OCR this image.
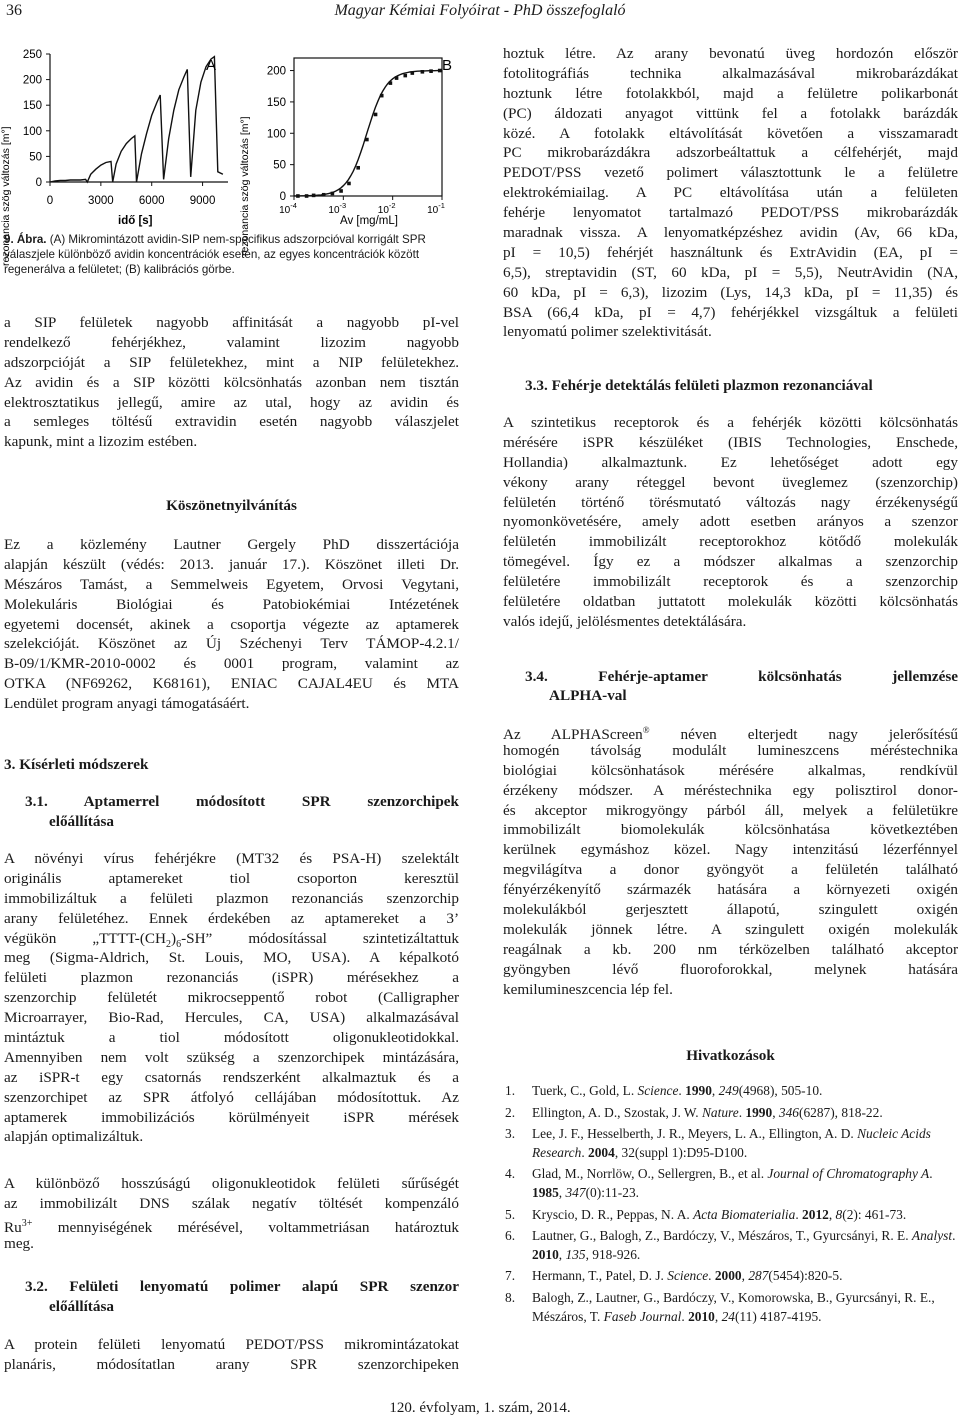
36	Magyar Kémiai Folyóirat - PhD összefoglaló
rezonancia szög változás [m°]
250
200
150
100
50
0
0	3000 6000 9000
A
idő [s]	rezonancia szög változás [m°]
200
150
100
50
0
$10^{-4}$	$10^{-3}$	$10^{-2}$	$10^{-1}$
B
Av [mg/mL]
9. Ábra. (A) Mikromintázott avidin-SIP nem-specifikus adszorpcióval korrigált SPR válaszjele különböző avidin koncentrációk esetén, az egyes koncentrációk között regenerálva a felületet; (B) kalibrációs görbe.
a SIP felületek nagyobb affinitását a nagyobb pI-vel
rendelkező fehérjékhez, valamint lizozim nagyobb
adszorpcióját a SIP felületekhez, mint a NIP felületekhez.
Az avidin és a SIP közötti kölcsönhatás azonban nem tisztán
elektrosztatikus jellegű, amire az utal, hogy az avidin és
a semleges töltésű extravidin esetén nagyobb válaszjelet
kapunk, mint a lizozim estében.
Köszönetnyilvánítás
Ez a közlemény Lautner Gergely PhD disszertációja
alapján készült (védés: 2013. január 17.). Köszönet illeti Dr.
Mészáros Tamást, a Semmelweis Egyetem, Orvosi Vegytani,
Molekuláris Biológiai és Patobiokémiai Intézetének
egyetemi docensét, akinek a csoportja végezte az aptamerek
szelekcióját. Köszönet az Új Széchenyi Terv TÁMOP-4.2.1/
B-09/1/KMR-2010-0002 és 0001 program, valamint az
OTKA (NF69262, K68161), ENIAC CAJAL4EU és MTA
Lendület program anyagi támogatásáért.
3. Kísérleti módszerek
3.1. Aptamerrel módosított SPR szenzorchipek
előállítása
A növényi vírus fehérjékre (MT32 és PSA-H) szelektált
originális aptamereket tiol csoporton keresztül
immobilizáltuk a felületi plazmon rezonanciás szenzorchip
arany felületéhez. Ennek érdekében az aptamereket a 3’
végükön $„TTTT-(CH_2)_6-SH$” módosítással szintetizáltattuk
meg (Sigma-Aldrich, St. Louis, MO, USA). A képalkotó
felületi plazmon rezonanciás (iSPR) mérésekhez a
szenzorchip felületét mikrocseppentő robot (Calligrapher
Microarrayer, Bio-Rad, Hercules, CA, USA) alkalmazásával
mintáztuk a tiol módosított oligonukleotidokkal.
Amennyiben nem volt szükség a szenzorchipek mintázására,
az iSPR-t egy csatornás rendszerként alkalmaztuk és a
szenzorchipet az SPR átfolyó cellájában módosítottuk. Az
aptamerek immobilizációs körülményeit iSPR mérések
alapján optimalizáltuk.
A különböző hosszúságú oligonukleotidok felületi sűrűségét
az immobilizált DNS szálak negatív töltését kompenzáló
$Ru^{3+}$ mennyiségének mérésével, voltammetriásan határoztuk
meg.
3.2. Felületi lenyomatú polimer alapú SPR szenzor
előállítása
A protein felületi lenyomatú PEDOT/PSS mikromintázatokat
planáris, módosítatlan arany SPR szenzorchipeken
hoztuk létre. Az arany bevonatú üveg hordozón először
fotolitográfiás technika alkalmazásával mikrobarázdákat
hoztunk létre fotolakkból, majd a felületre polikarbonát
(PC) áldozati anyagot vittünk fel a fotolakk barázdák
közé. A fotolakk eltávolítását követően a visszamaradt
PC mikrobarázdákra adszorbeáltattuk a célfehérjét, majd
PEDOT/PSS vezető polimert választottunk le a felületre
elektrokémiailag. A PC eltávolítása után a felületen
fehérje lenyomatot tartalmazó PEDOT/PSS mikrobarázdák
maradnak vissza. A lenyomatképzéshez avidin (Av, 66 kDa,
pI = 10,5) fehérjét használtunk és ExtrAvidin (EA, pI =
6,5), streptavidin (ST, 60 kDa, pI = 5,5), NeutrAvidin (NA,
60 kDa, pI = 6,3), lizozim (Lys, 14,3 kDa, pI = 11,35) és
BSA (66,4 kDa, pI = 4,7) fehérjékkel vizsgáltuk a felületi
lenyomatú polimer szelektivitását.
3.3. Fehérje detektálás felületi plazmon rezonanciával
A szintetikus receptorok és a fehérjék közötti kölcsönhatás
mérésére iSPR készüléket (IBIS Technologies, Enschede,
Hollandia) alkalmaztunk. Ez lehetőséget adott egy
vékony arany réteggel bevont üveglemez (szenzorchip)
felületén történő törésmutató változás nagy érzékenységű
nyomonkövetésére, amely adott esetben arányos a szenzor
felületén immobilizált receptorokhoz kötődő molekulák
tömegével. Így ez a módszer alkalmas a szenzorchip
felületére immobilizált receptorok és a szenzorchip
felületére oldatban juttatott molekulák közötti kölcsönhatás
valós idejű, jelölésmentes detektálására.
3.4. Fehérje-aptamer kölcsönhatás jellemzése
ALPHA-val
Az ALPHAScreen® néven elterjedt nagy jelerősítésű
homogén távolság modulált lumineszcens méréstechnika
biológiai kölcsönhatások mérésére alkalmas, rendkívül
érzékeny módszer. A méréstechnika egy polisztirol donor-
és akceptor mikrogyöngy párból áll, melyek a felületükre
immobilizált biomolekulák kölcsönhatása következtében
kerülnek egymáshoz közel. Nagy intenzitású lézerfénnyel
megvilágítva a donor gyöngyöt a felületén található
fényérzékenyítő származék hatására a környezeti oxigén
molekulákból gerjesztett állapotú, szingulett oxigén
molekulák jönnek létre. A szingulett oxigén molekulák
reagálnak a kb. 200 nm térközelben található akceptor
gyöngyben lévő fluoroforokkal, melynek hatására
kemilumineszcencia lép fel.
Hivatkozások
1. Tuerk, C., Gold, L. Science. 1990, 249(4968), 505-10.
2. Ellington, A. D., Szostak, J. W. Nature. 1990, 346(6287), 818-22.
3. Lee, J. F., Hesselberth, J. R., Meyers, L. A., Ellington, A. D. Nucleic Acids Research. 2004, 32(suppl 1):D95-D100.
4. Glad, M., Norrlöw, O., Sellergren, B., et al. Journal of Chromatography A. 1985, 347(0):11-23.
5. Kryscio, D. R., Peppas, N. A. Acta Biomaterialia. 2012, 8(2): 461-73.
6. Lautner, G., Balogh, Z., Bardóczy, V., Mészáros, T., Gyurcsányi, R. E. Analyst. 2010, 135, 918-926.
7. Hermann, T., Patel, D. J. Science. 2000, 287(5454):820-5.
8. Balogh, Z., Lautner, G., Bardóczy, V., Komorowska, B., Gyurcsányi, R. E., Mészáros, T. Faseb Journal. 2010, 24(11) 4187-4195.
120. évfolyam, 1. szám, 2014.
